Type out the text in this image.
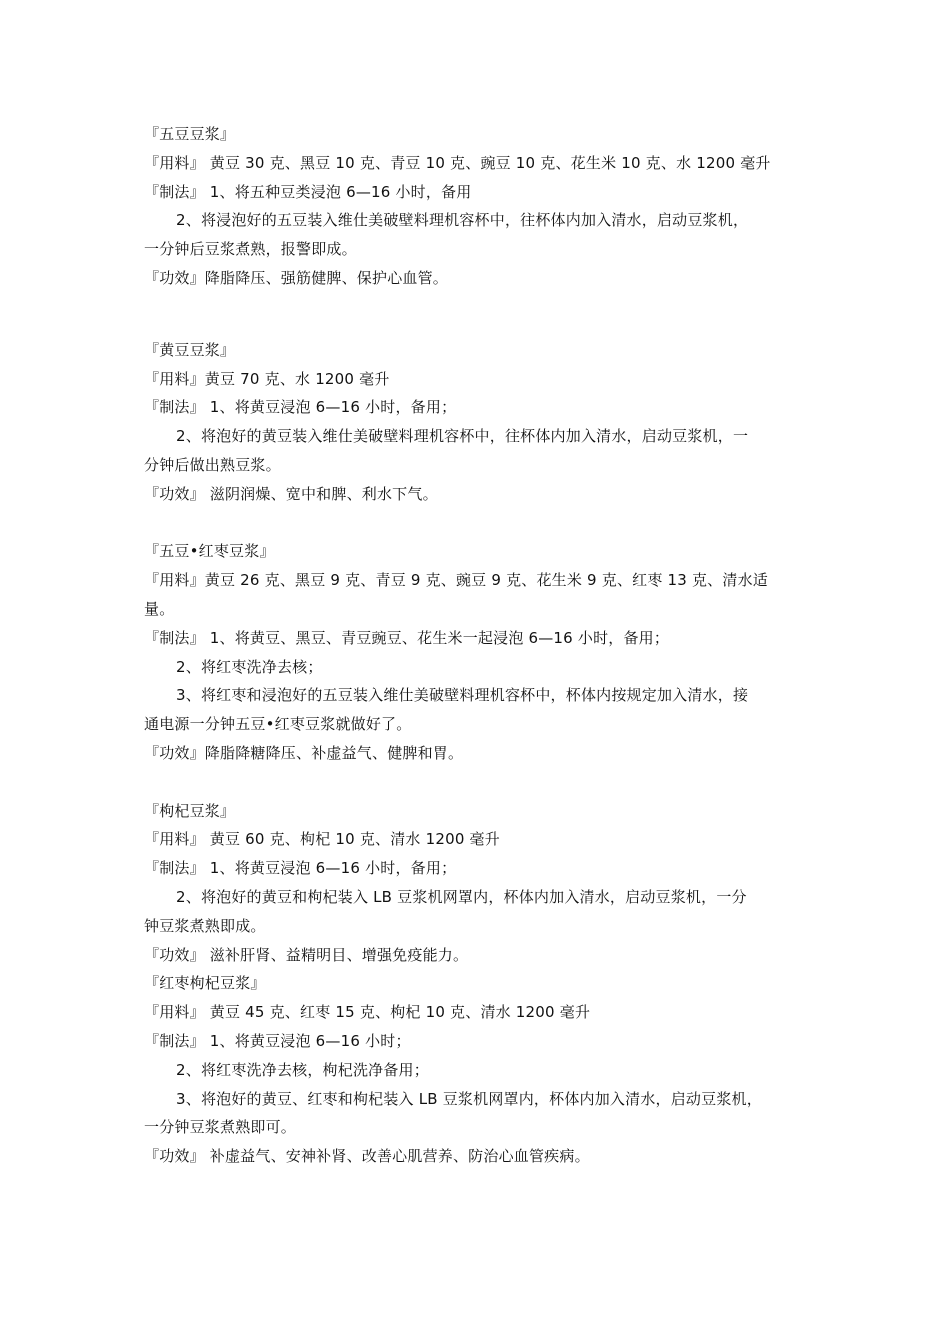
『五豆豆浆』
『用料』 黄豆 30 克、黑豆 10 克、青豆 10 克、豌豆 10 克、花生米 10 克、水 1200 毫升
『制法』 1、将五种豆类浸泡 6—16 小时，备用
2、将浸泡好的五豆装入维仕美破壁料理机容杯中，往杯体内加入清水，启动豆浆机，
一分钟后豆浆煮熟，报警即成。
『功效』降脂降压、强筋健脾、保护心血管。
『黄豆豆浆』
『用料』黄豆 70 克、水 1200 毫升
『制法』 1、将黄豆浸泡 6—16 小时，备用；
2、将泡好的黄豆装入维仕美破壁料理机容杯中，往杯体内加入清水，启动豆浆机，一
分钟后做出熟豆浆。
『功效』 滋阴润燥、宽中和脾、利水下气。
『五豆•红枣豆浆』
『用料』黄豆 26 克、黑豆 9 克、青豆 9 克、豌豆 9 克、花生米 9 克、红枣 13 克、清水适
量。
『制法』 1、将黄豆、黑豆、青豆豌豆、花生米一起浸泡 6—16 小时，备用；
2、将红枣洗净去核；
3、将红枣和浸泡好的五豆装入维仕美破壁料理机容杯中，杯体内按规定加入清水，接
通电源一分钟五豆•红枣豆浆就做好了。
『功效』降脂降糖降压、补虚益气、健脾和胃。
『枸杞豆浆』
『用料』 黄豆 60 克、枸杞 10 克、清水 1200 毫升
『制法』 1、将黄豆浸泡 6—16 小时，备用；
2、将泡好的黄豆和枸杞装入 LB 豆浆机网罩内，杯体内加入清水，启动豆浆机，一分
钟豆浆煮熟即成。
『功效』 滋补肝肾、益精明目、增强免疫能力。
『红枣枸杞豆浆』
『用料』 黄豆 45 克、红枣 15 克、枸杞 10 克、清水 1200 毫升
『制法』 1、将黄豆浸泡 6—16 小时；
2、将红枣洗净去核，枸杞洗净备用；
3、将泡好的黄豆、红枣和枸杞装入 LB 豆浆机网罩内，杯体内加入清水，启动豆浆机，
一分钟豆浆煮熟即可。
『功效』 补虚益气、安神补肾、改善心肌营养、防治心血管疾病。
